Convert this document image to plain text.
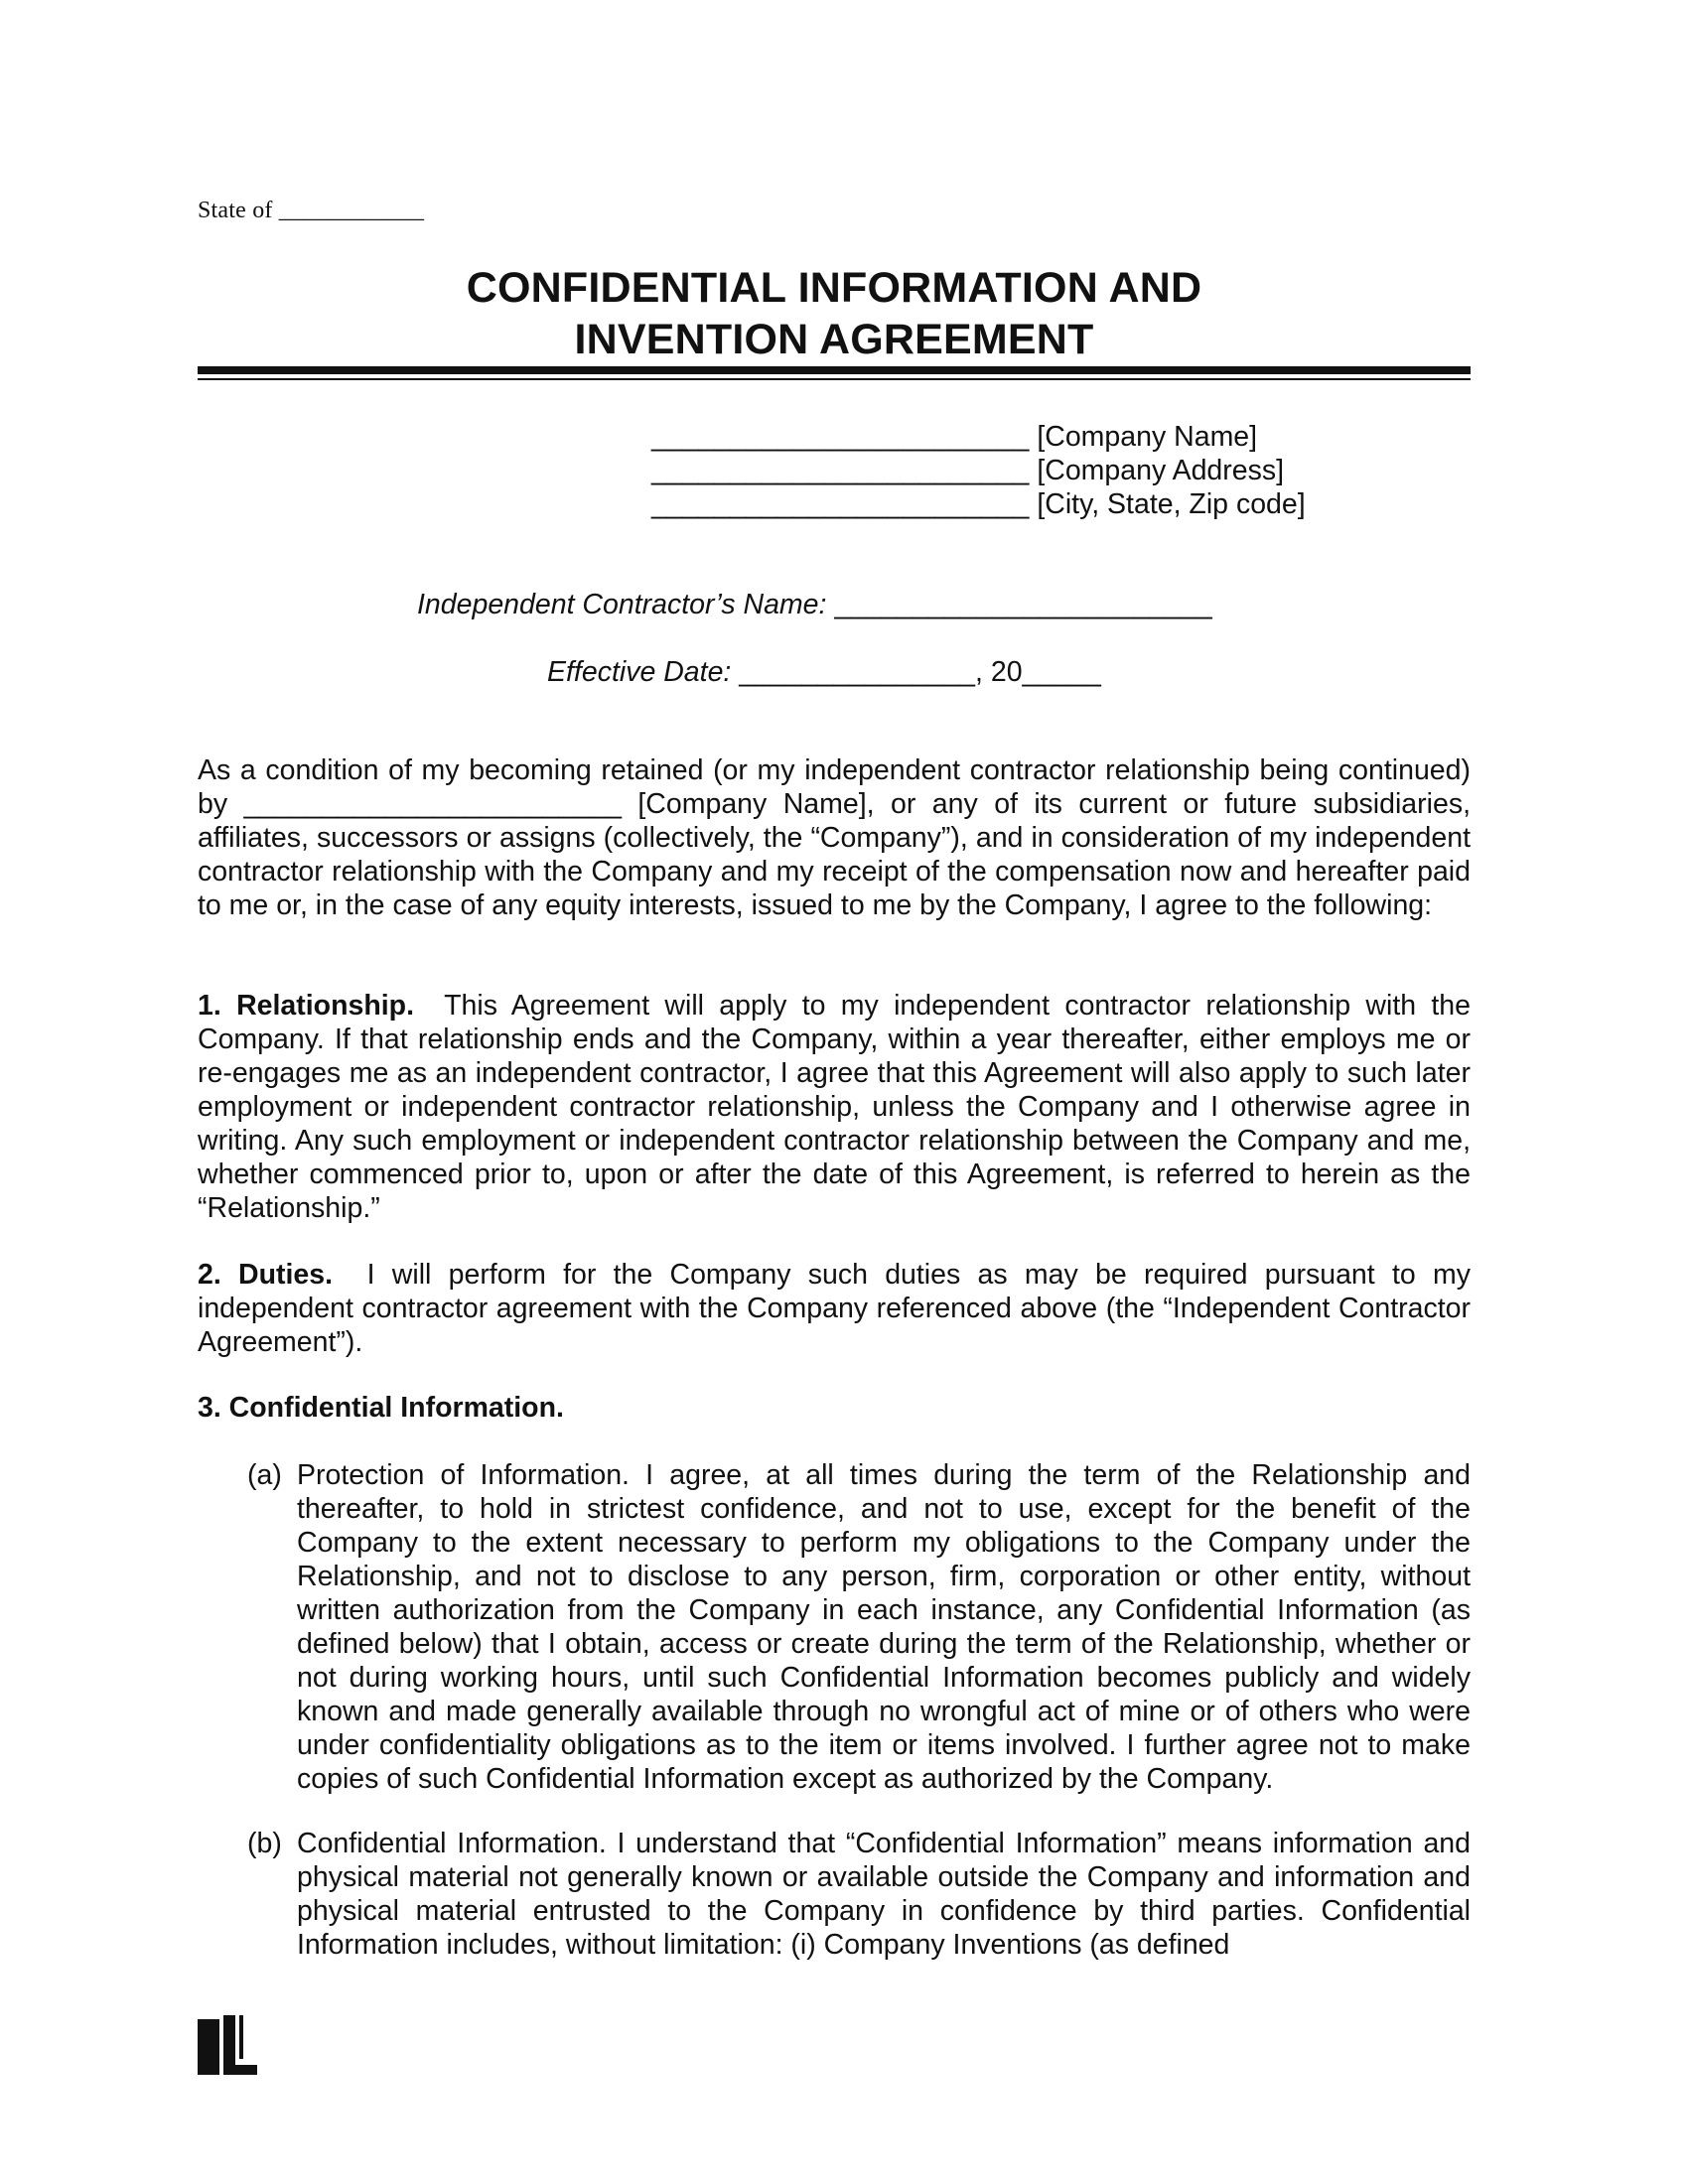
State of ____________
CONFIDENTIAL INFORMATION AND
INVENTION AGREEMENT
________________________ [Company Name]
________________________ [Company Address]
________________________ [City, State, Zip code]
Independent Contractor’s Name: ________________________
Effective Date: _______________, 20_____
As a condition of my becoming retained (or my independent contractor relationship being continued) by ________________________ [Company Name], or any of its current or future subsidiaries, affiliates, successors or assigns (collectively, the “Company”), and in consideration of my independent contractor relationship with the Company and my receipt of the compensation now and hereafter paid to me or, in the case of any equity interests, issued to me by the Company, I agree to the following:
1. Relationship. This Agreement will apply to my independent contractor relationship with the Company. If that relationship ends and the Company, within a year thereafter, either employs me or re-engages me as an independent contractor, I agree that this Agreement will also apply to such later employment or independent contractor relationship, unless the Company and I otherwise agree in writing. Any such employment or independent contractor relationship between the Company and me, whether commenced prior to, upon or after the date of this Agreement, is referred to herein as the “Relationship.”
2. Duties. I will perform for the Company such duties as may be required pursuant to my independent contractor agreement with the Company referenced above (the “Independent Contractor Agreement”).
3. Confidential Information.
(a) Protection of Information. I agree, at all times during the term of the Relationship and thereafter, to hold in strictest confidence, and not to use, except for the benefit of the Company to the extent necessary to perform my obligations to the Company under the Relationship, and not to disclose to any person, firm, corporation or other entity, without written authorization from the Company in each instance, any Confidential Information (as defined below) that I obtain, access or create during the term of the Relationship, whether or not during working hours, until such Confidential Information becomes publicly and widely known and made generally available through no wrongful act of mine or of others who were under confidentiality obligations as to the item or items involved. I further agree not to make copies of such Confidential Information except as authorized by the Company.
(b) Confidential Information. I understand that “Confidential Information” means information and physical material not generally known or available outside the Company and information and physical material entrusted to the Company in confidence by third parties. Confidential Information includes, without limitation: (i) Company Inventions (as defined
